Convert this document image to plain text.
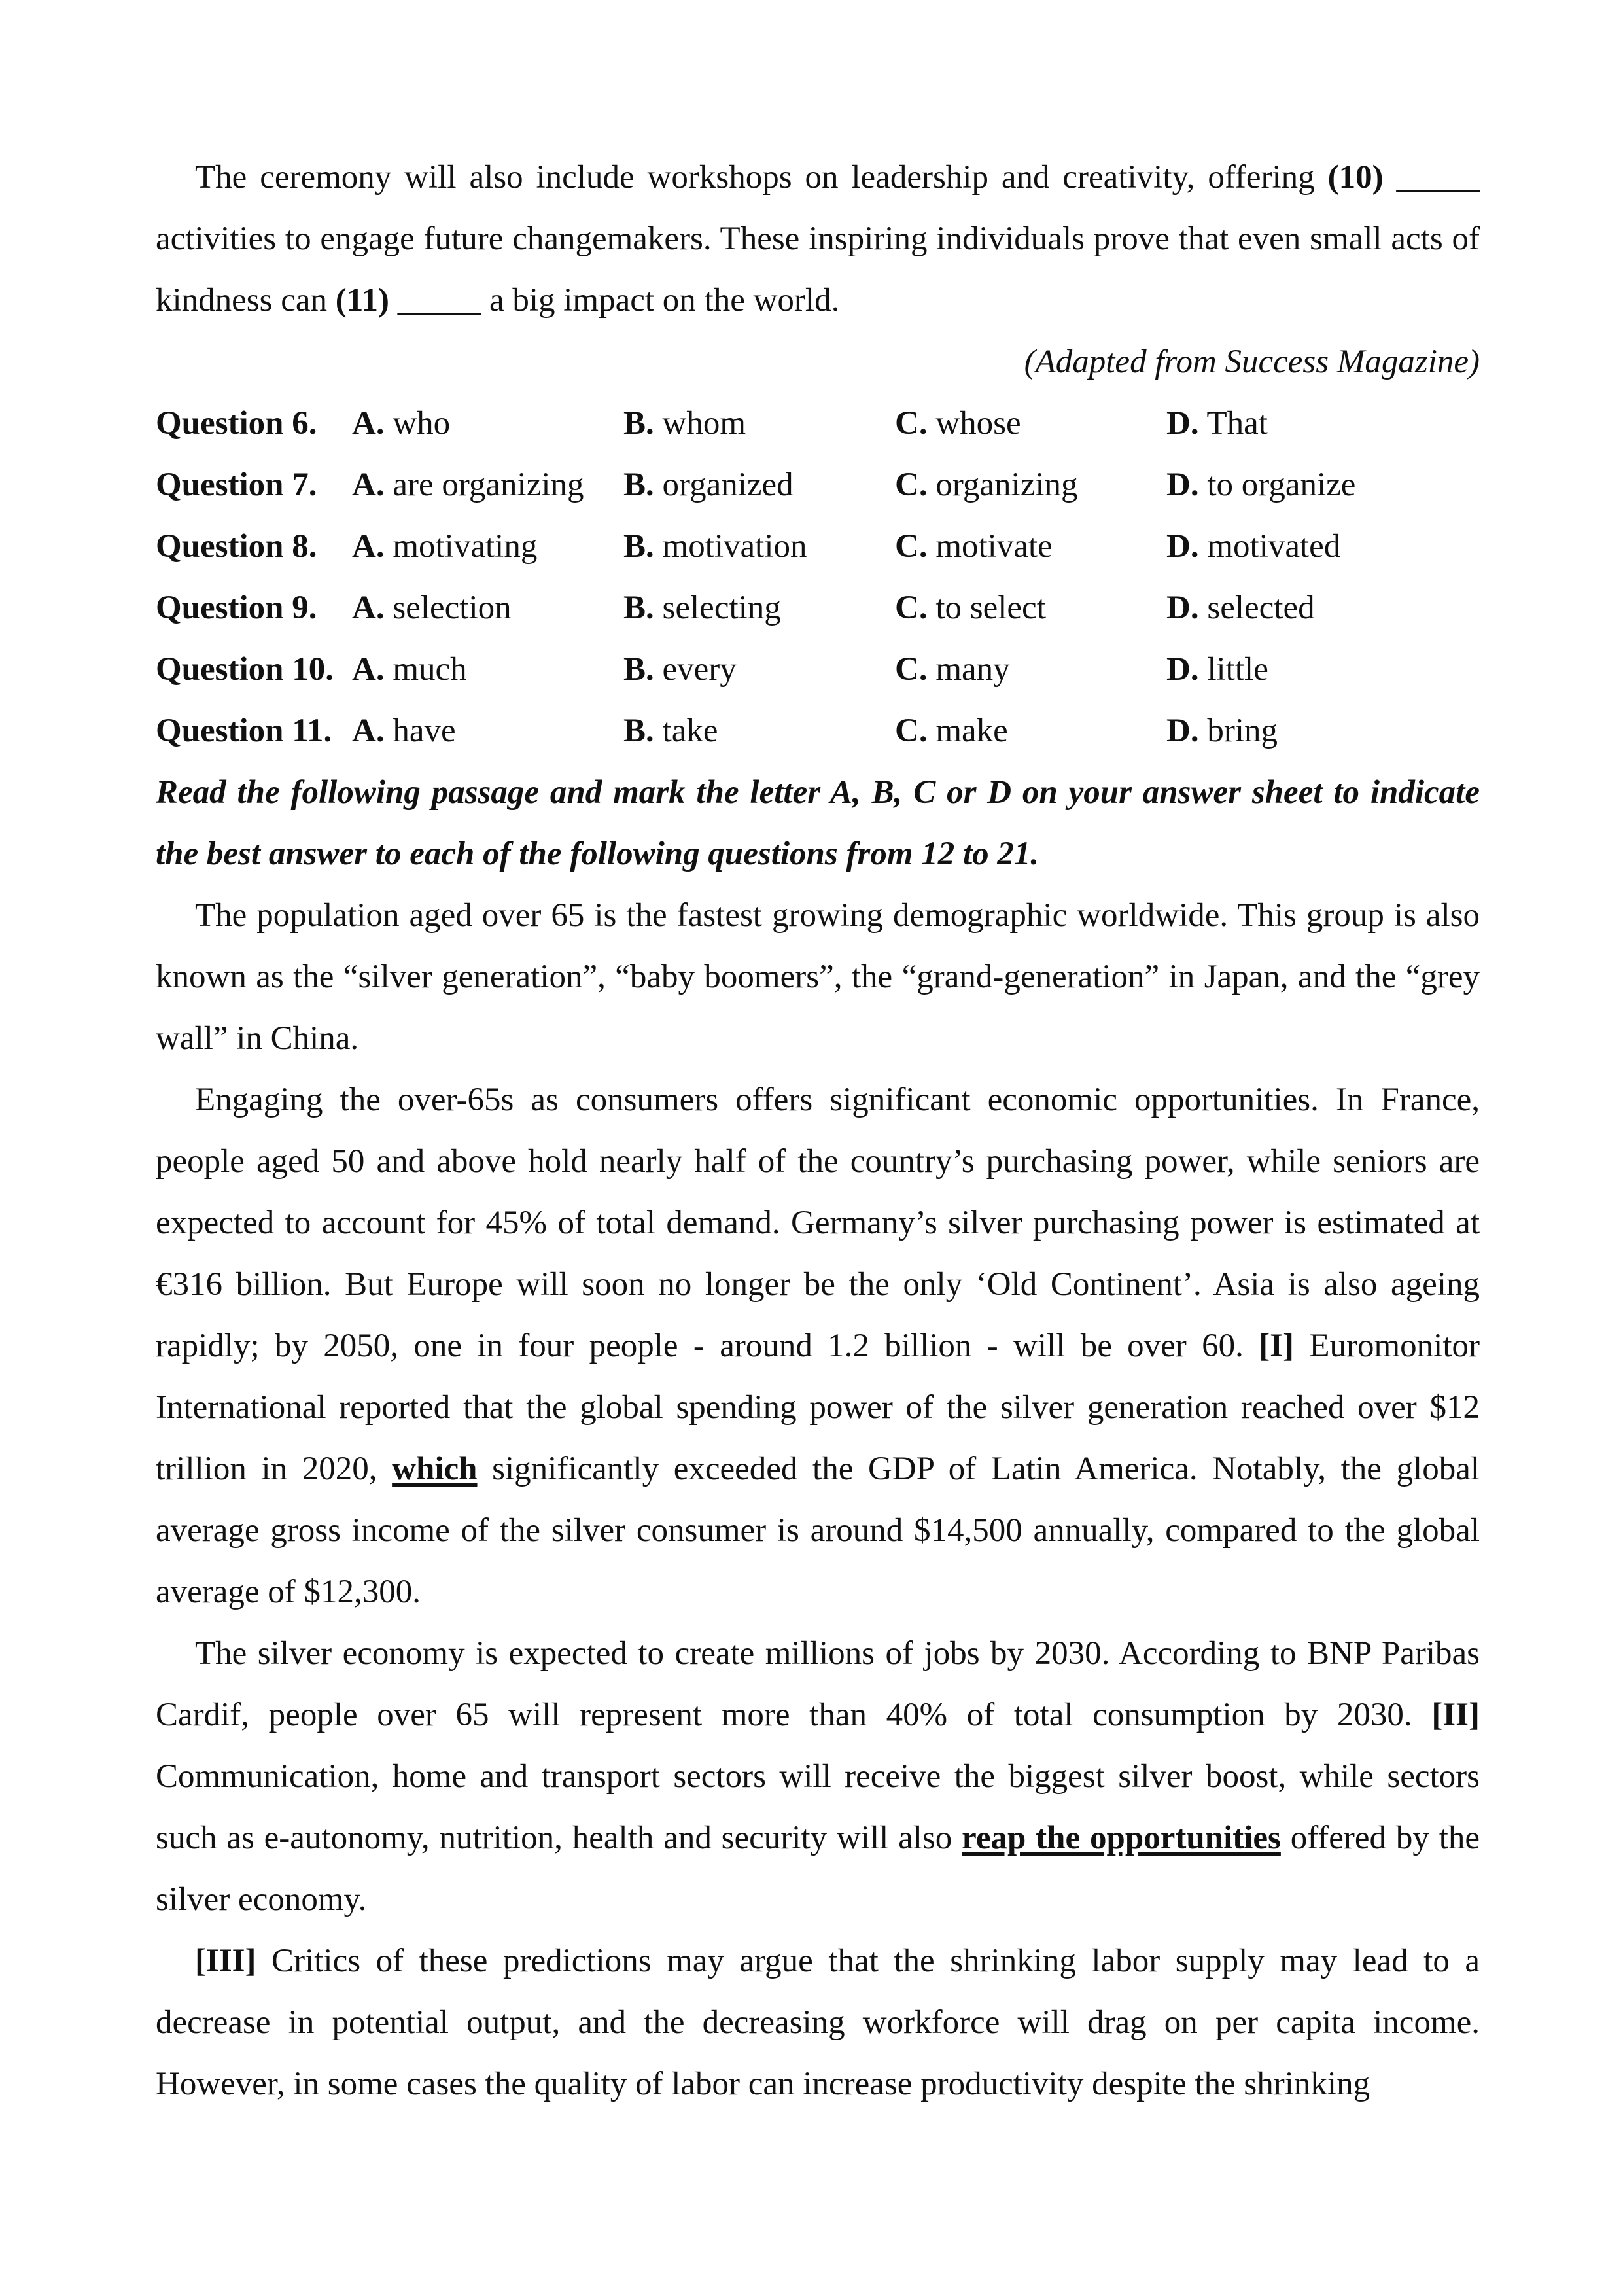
The ceremony will also include workshops on leadership and creativity, offering (10) _____ activities to engage future changemakers. These inspiring individuals prove that even small acts of kindness can (11) _____ a big impact on the world.

(Adapted from Success Magazine)

Question 6.	A. who	B. whom	C. whose	D. That
Question 7.	A. are organizing	B. organized	C. organizing	D. to organize
Question 8.	A. motivating	B. motivation	C. motivate	D. motivated
Question 9.	A. selection	B. selecting	C. to select	D. selected
Question 10. A. much	B. every	C. many	D. little
Question 11. A. have	B. take	C. make	D. bring

Read the following passage and mark the letter A, B, C or D on your answer sheet to indicate the best answer to each of the following questions from 12 to 21.

The population aged over 65 is the fastest growing demographic worldwide. This group is also known as the “silver generation”, “baby boomers”, the “grand-generation” in Japan, and the “grey wall” in China.

Engaging the over-65s as consumers offers significant economic opportunities. In France, people aged 50 and above hold nearly half of the country’s purchasing power, while seniors are expected to account for 45% of total demand. Germany’s silver purchasing power is estimated at €316 billion. But Europe will soon no longer be the only ‘Old Continent’. Asia is also ageing rapidly; by 2050, one in four people - around 1.2 billion - will be over 60. [I] Euromonitor International reported that the global spending power of the silver generation reached over $12 trillion in 2020, which significantly exceeded the GDP of Latin America. Notably, the global average gross income of the silver consumer is around $14,500 annually, compared to the global average of $12,300.

The silver economy is expected to create millions of jobs by 2030. According to BNP Paribas Cardif, people over 65 will represent more than 40% of total consumption by 2030. [II] Communication, home and transport sectors will receive the biggest silver boost, while sectors such as e-autonomy, nutrition, health and security will also reap the opportunities offered by the silver economy.

[III] Critics of these predictions may argue that the shrinking labor supply may lead to a decrease in potential output, and the decreasing workforce will drag on per capita income. However, in some cases the quality of labor can increase productivity despite the shrinking
